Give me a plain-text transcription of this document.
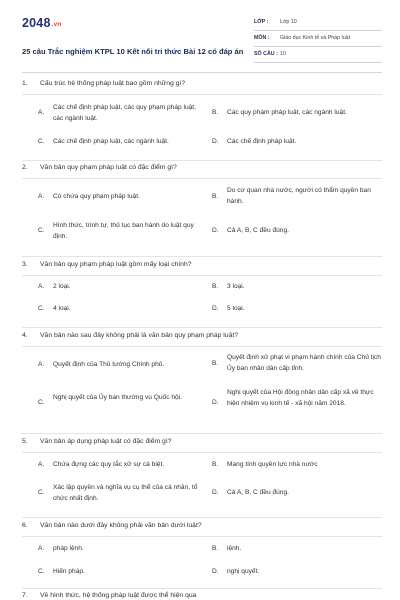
2048.vn
25 câu Trắc nghiệm KTPL 10 Kết nối tri thức Bài 12 có đáp án
LỚP : Lớp 10
MÔN : Giáo dục Kinh tế và Pháp luật
SỐ CÂU : 10
1. Cấu trúc hệ thống pháp luật bao gồm những gì?
A.
Các chế định pháp luật, các quy phạm pháp luật, các ngành luật.
B. Các quy phạm pháp luật, các ngành luật.
C. Các chế định pháp luật, các ngành luật.	D. Các chế định pháp luật.
2. Văn bản quy phạm pháp luật có đặc điểm gì?
A. Có chứa quy phạm pháp luật.	B.
Do cơ quan nhà nước, người có thẩm quyền ban hành.
C.
Hình thức, trình tự, thủ tục ban hành do luật quy định.
D. Cả A, B, C đều đúng.
3. Văn bản quy phạm pháp luật gồm mấy loại chính?
A. 2 loại.	B. 3 loại.
C. 4 loại.	D. 5 loại.
4. Văn bản nào sau đây không phải là văn bản quy phạm pháp luật?
A. Quyết định của Thủ tướng Chính phủ.	B.
Quyết định xử phạt vi phạm hành chính của Chủ tịch Ủy ban nhân dân cấp tỉnh.
C.
Nghị quyết của Ủy ban thường vụ Quốc hội.
D.
Nghị quyết của Hội đồng nhân dân cấp xã về thực hiện nhiệm vụ kinh tế - xã hội năm 2018.
5. Văn bản áp dụng pháp luật có đặc điểm gì?
A. Chứa đựng các quy tắc xử sự cá biệt.	B. Mang tính quyền lực nhà nước
C.
Xác lập quyền và nghĩa vụ cụ thể của cá nhân, tổ chức nhất định.
D. Cả A, B, C đều đúng.
6. Văn bản nào dưới đây không phải văn bản dưới luật?
A. pháp lệnh.	B. lệnh.
C. Hiến pháp.	D. nghị quyết.
7. Về hình thức, hệ thống pháp luật được thể hiện qua
